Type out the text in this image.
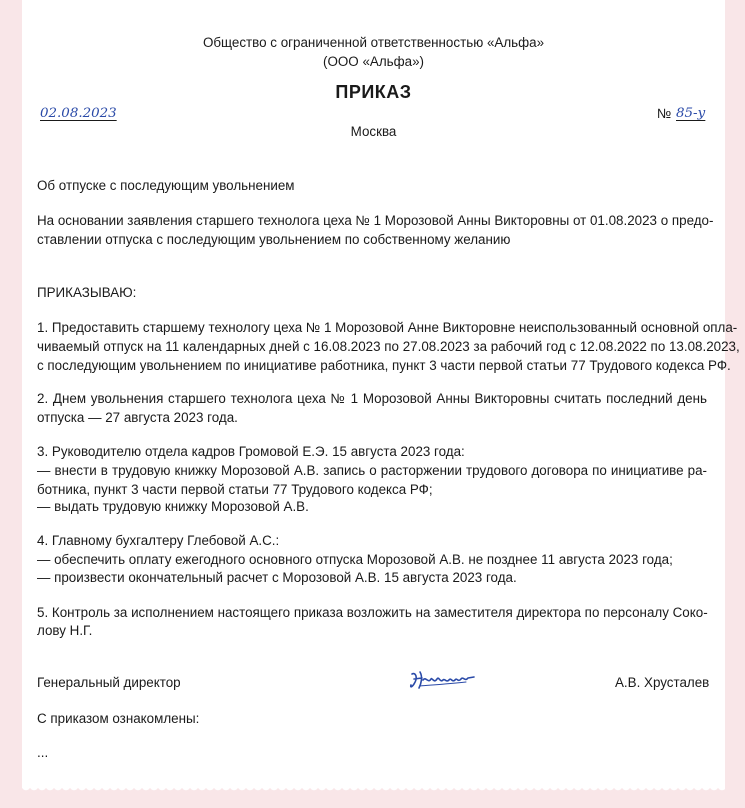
Общество с ограниченной ответственностью «Альфа»
(ООО «Альфа»)
ПРИКАЗ
02.08.2023	№ 85-у
Москва
Об отпуске с последующим увольнением
На основании заявления старшего технолога цеха № 1 Морозовой Анны Викторовны от 01.08.2023 о предо-
ставлении отпуска с последующим увольнением по собственному желанию
ПРИКАЗЫВАЮ:
1. Предоставить старшему технологу цеха № 1 Морозовой Анне Викторовне неиспользованный основной опла-
чиваемый отпуск на 11 календарных дней с 16.08.2023 по 27.08.2023 за рабочий год с 12.08.2022 по 13.08.2023,
с последующим увольнением по инициативе работника, пункт 3 части первой статьи 77 Трудового кодекса РФ.
2. Днем увольнения старшего технолога цеха № 1 Морозовой Анны Викторовны считать последний день
отпуска — 27 августа 2023 года.
3. Руководителю отдела кадров Громовой Е.Э. 15 августа 2023 года:
— внести в трудовую книжку Морозовой А.В. запись о расторжении трудового договора по инициативе ра-
ботника, пункт 3 части первой статьи 77 Трудового кодекса РФ;
— выдать трудовую книжку Морозовой А.В.
4. Главному бухгалтеру Глебовой А.С.:
— обеспечить оплату ежегодного основного отпуска Морозовой А.В. не позднее 11 августа 2023 года;
— произвести окончательный расчет с Морозовой А.В. 15 августа 2023 года.
5. Контроль за исполнением настоящего приказа возложить на заместителя директора по персоналу Соко-
лову Н.Г.
Генеральный директор	А.В. Хрусталев
С приказом ознакомлены:
...
